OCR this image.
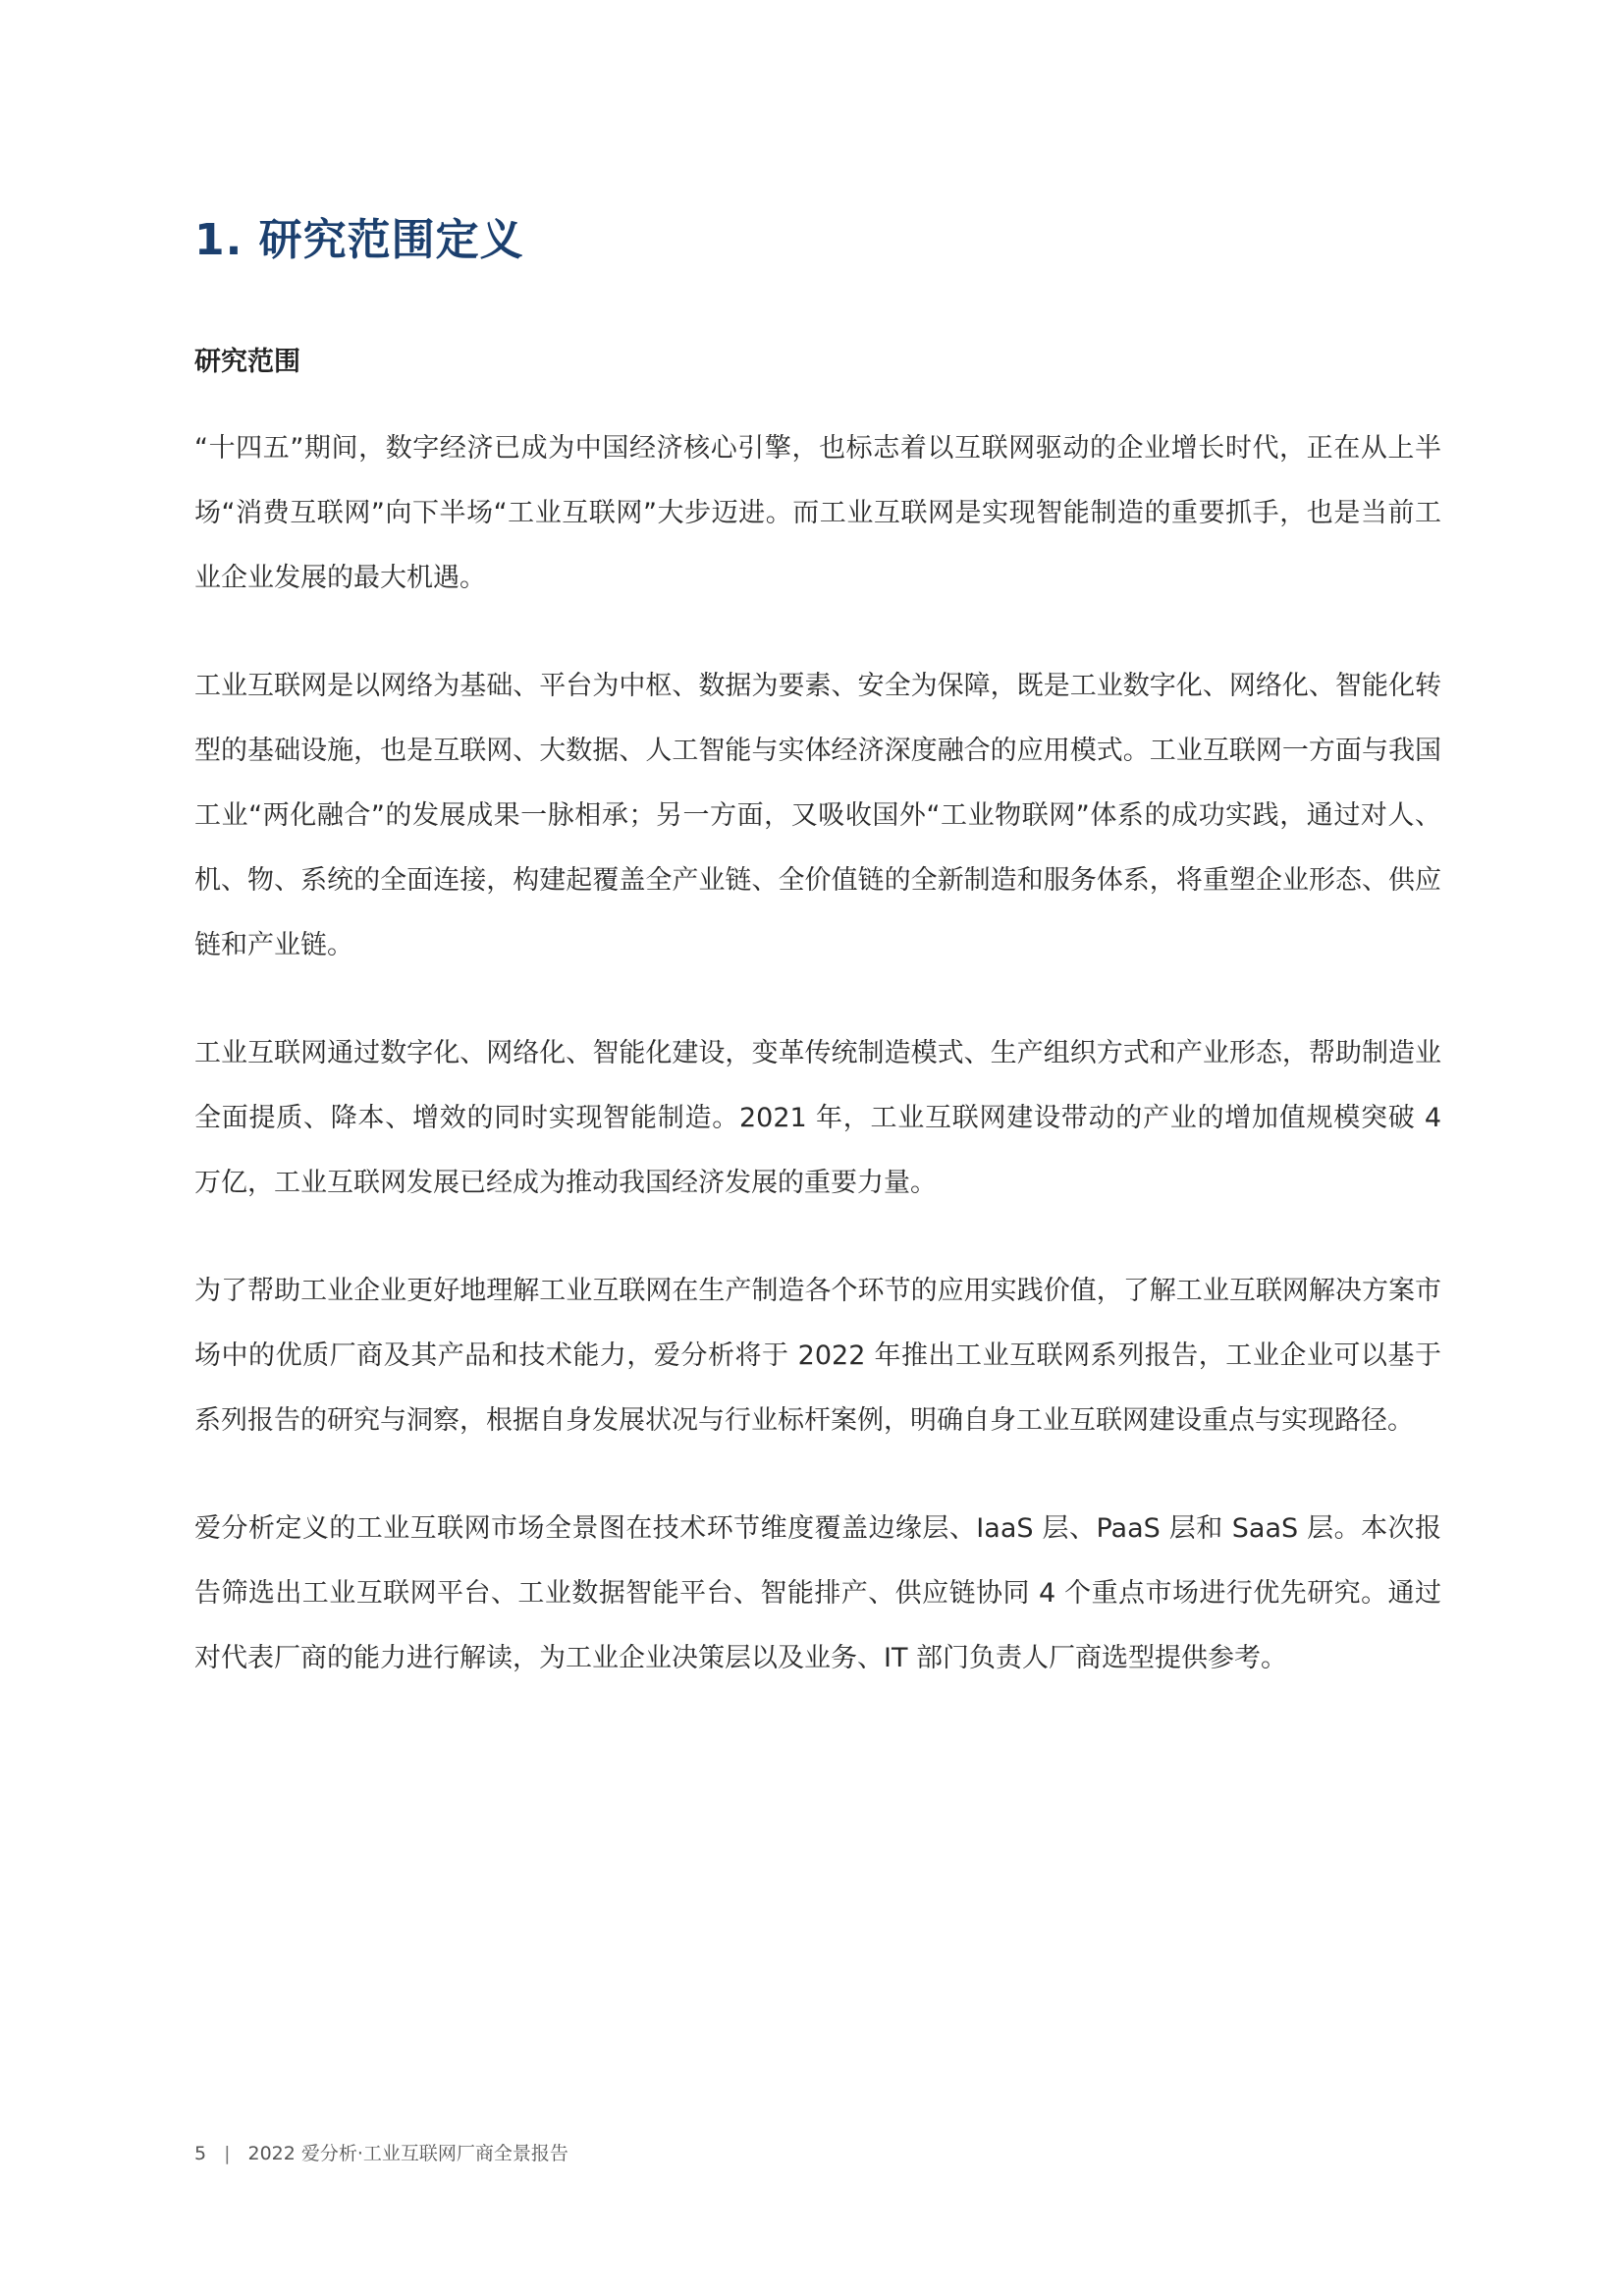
1. 研究范围定义
研究范围

“十四五”期间，数字经济已成为中国经济核心引擎，也标志着以互联网驱动的企业增长时代，正在从上半场“消费互联网”向下半场“工业互联网”大步迈进。而工业互联网是实现智能制造的重要抓手，也是当前工业企业发展的最大机遇。

工业互联网是以网络为基础、平台为中枢、数据为要素、安全为保障，既是工业数字化、网络化、智能化转型的基础设施，也是互联网、大数据、人工智能与实体经济深度融合的应用模式。工业互联网一方面与我国工业“两化融合”的发展成果一脉相承；另一方面，又吸收国外“工业物联网”体系的成功实践，通过对人、机、物、系统的全面连接，构建起覆盖全产业链、全价值链的全新制造和服务体系，将重塑企业形态、供应链和产业链。

工业互联网通过数字化、网络化、智能化建设，变革传统制造模式、生产组织方式和产业形态，帮助制造业全面提质、降本、增效的同时实现智能制造。2021 年，工业互联网建设带动的产业的增加值规模突破 4 万亿，工业互联网发展已经成为推动我国经济发展的重要力量。

为了帮助工业企业更好地理解工业互联网在生产制造各个环节的应用实践价值，了解工业互联网解决方案市场中的优质厂商及其产品和技术能力，爱分析将于 2022 年推出工业互联网系列报告，工业企业可以基于系列报告的研究与洞察，根据自身发展状况与行业标杆案例，明确自身工业互联网建设重点与实现路径。

爱分析定义的工业互联网市场全景图在技术环节维度覆盖边缘层、IaaS 层、PaaS 层和 SaaS 层。本次报告筛选出工业互联网平台、工业数据智能平台、智能排产、供应链协同 4 个重点市场进行优先研究。通过对代表厂商的能力进行解读，为工业企业决策层以及业务、IT 部门负责人厂商选型提供参考。

5 | 2022 爱分析·工业互联网厂商全景报告
